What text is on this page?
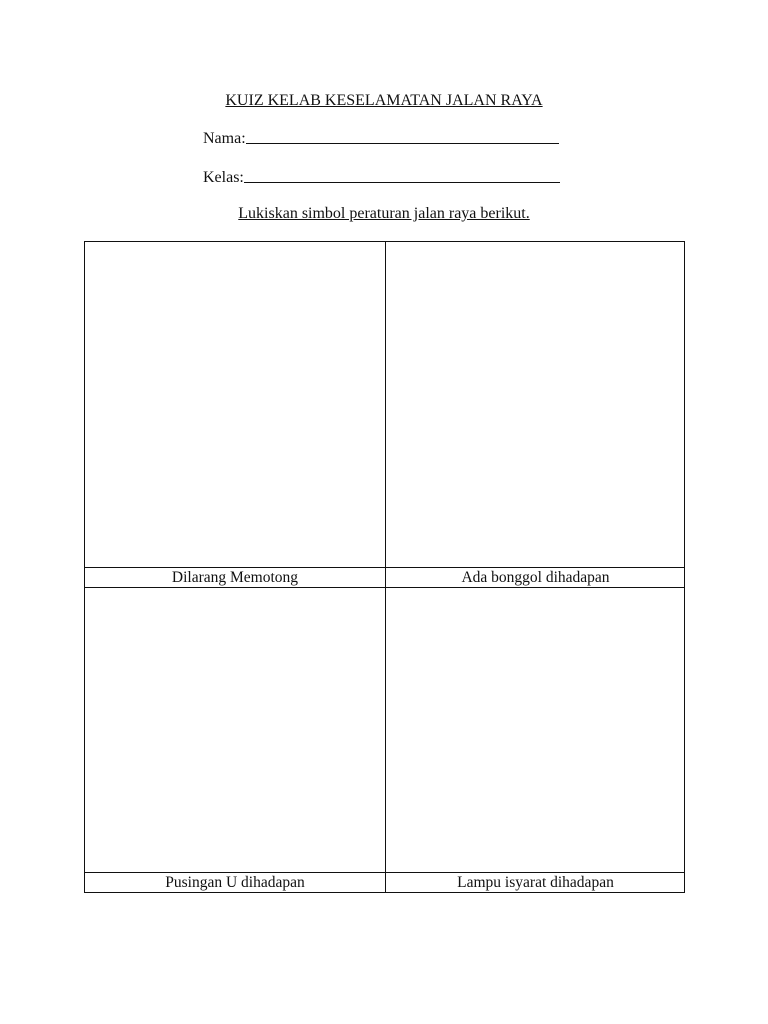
KUIZ KELAB KESELAMATAN JALAN RAYA
Nama:
Kelas:
Lukiskan simbol peraturan jalan raya berikut.
Dilarang Memotong	Ada bonggol dihadapan
Pusingan U dihadapan	Lampu isyarat dihadapan
